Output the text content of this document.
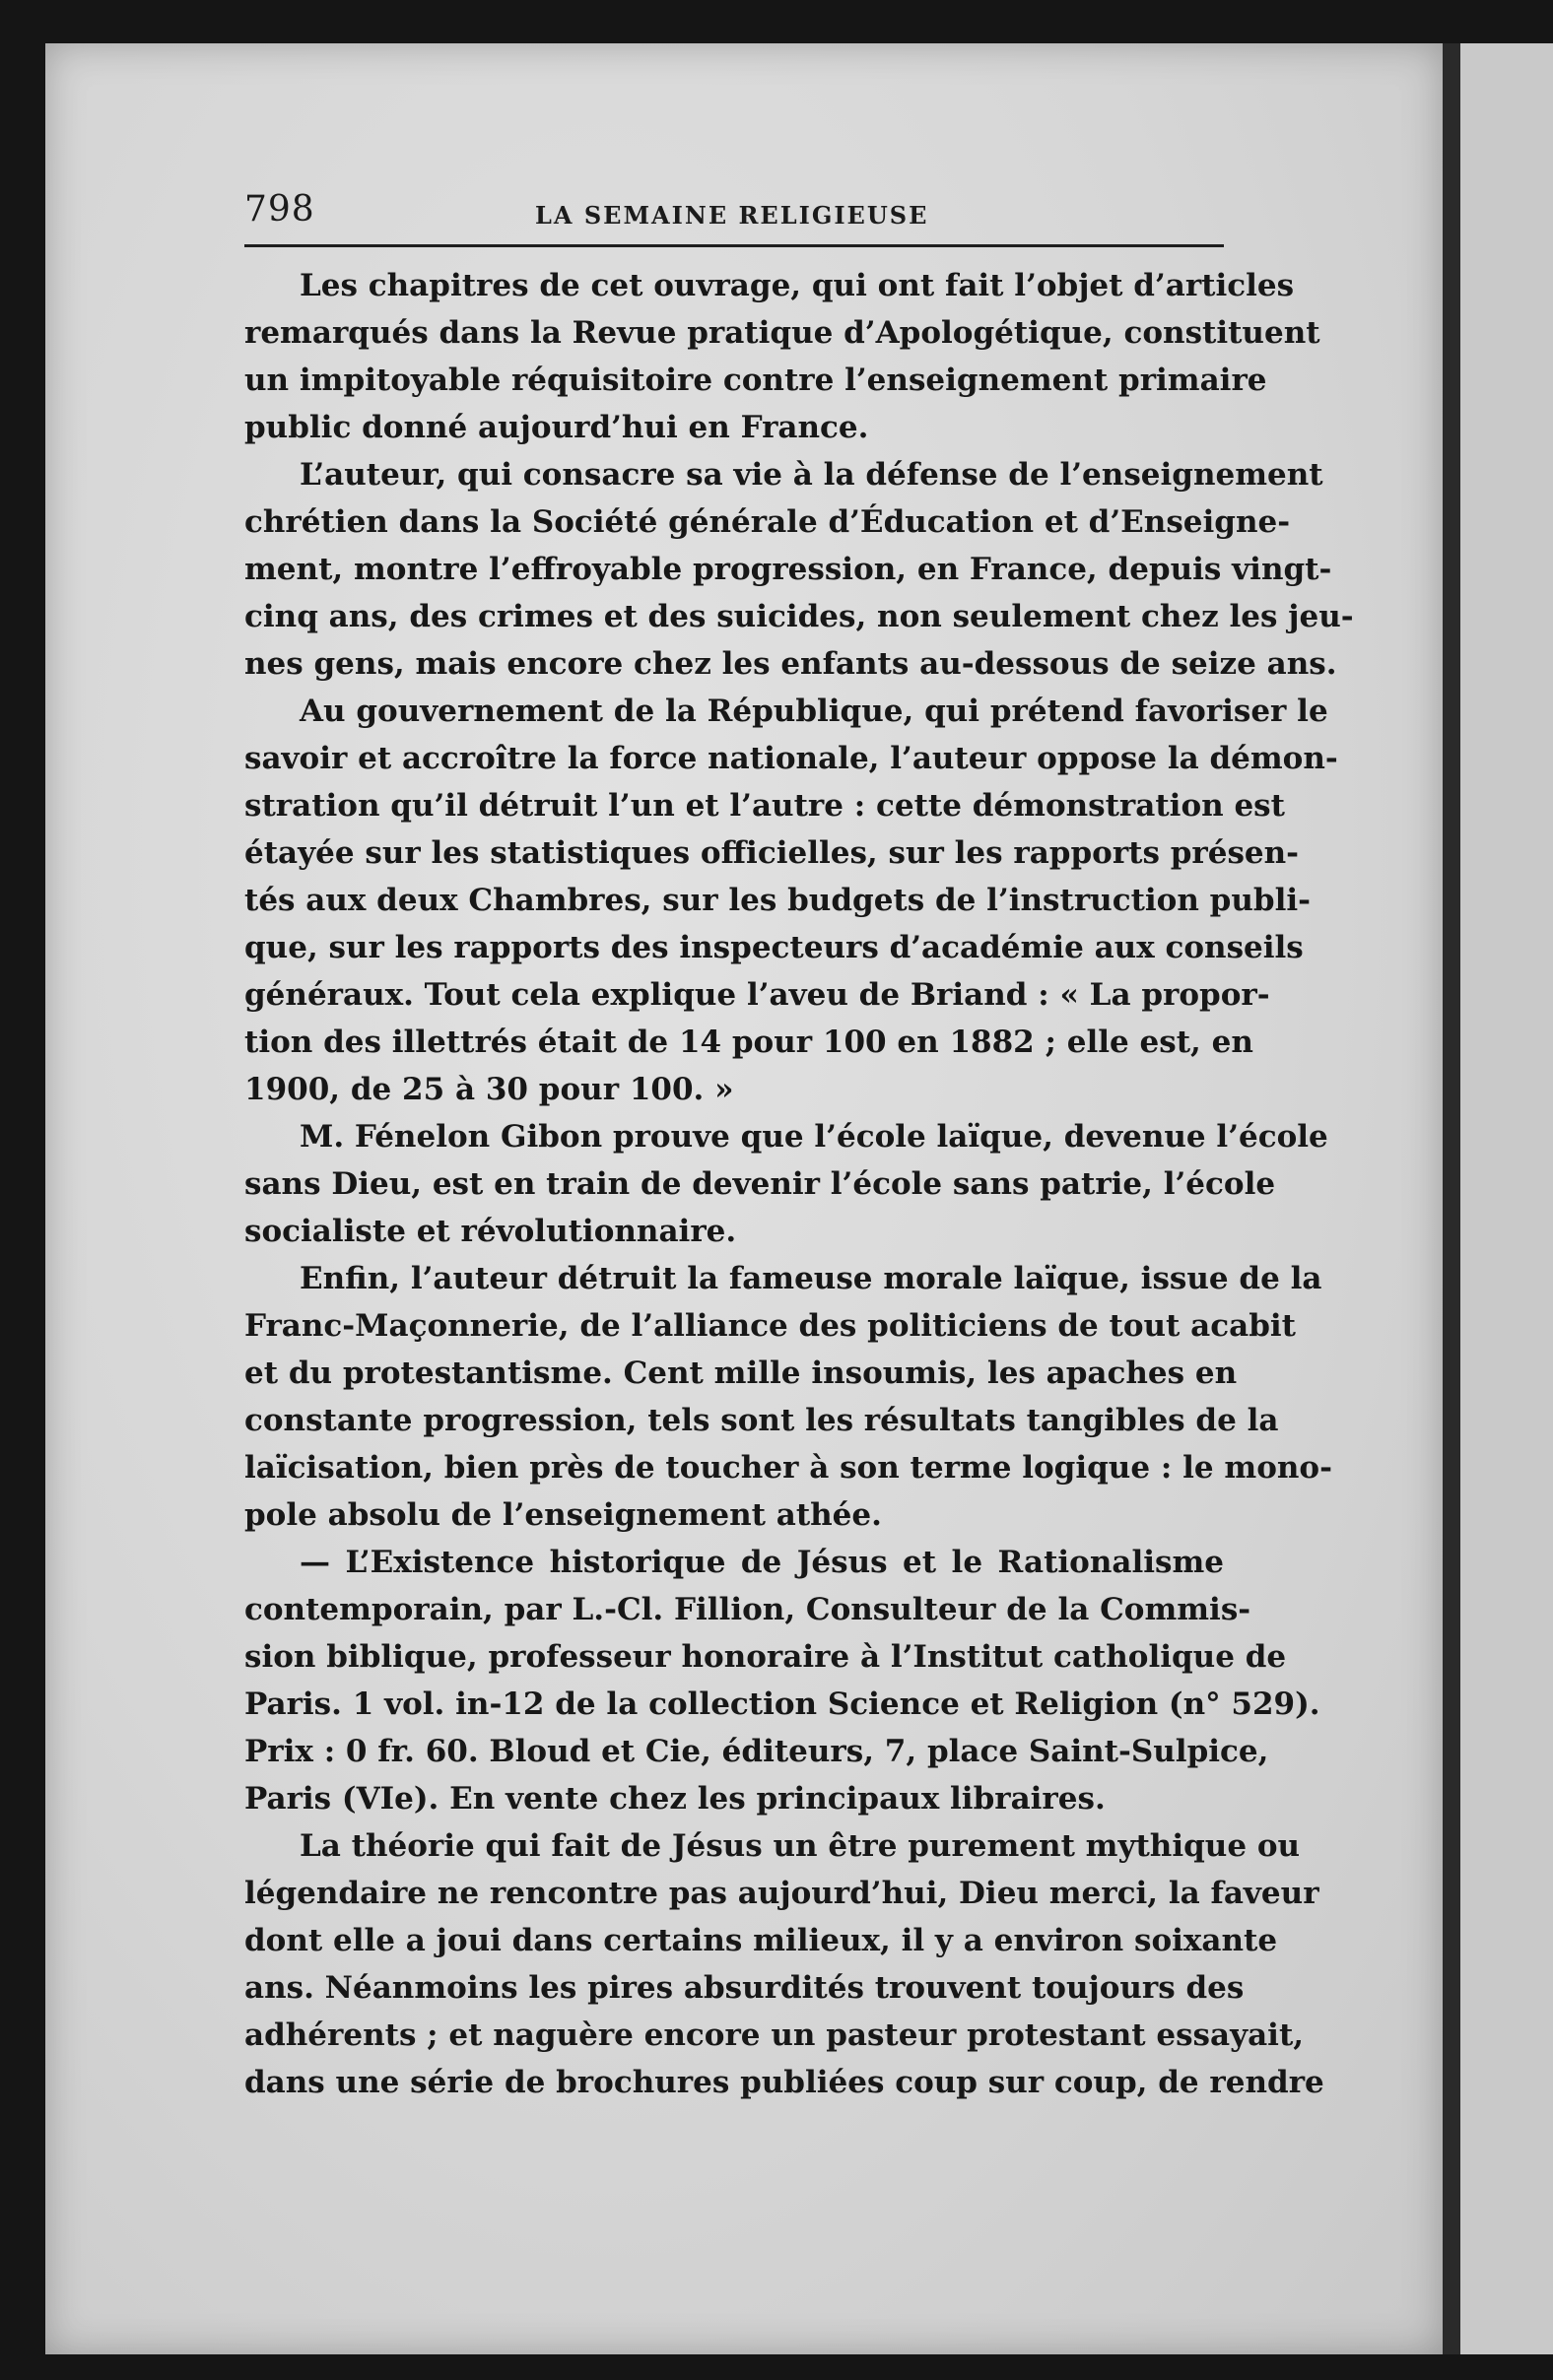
798	LA SEMAINE RELIGIEUSE
Les chapitres de cet ouvrage, qui ont fait l’objet d’articles
remarqués dans la Revue pratique d’Apologétique, constituent
un impitoyable réquisitoire contre l’enseignement primaire
public donné aujourd’hui en France.
L’auteur, qui consacre sa vie à la défense de l’enseignement
chrétien dans la Société générale d’Éducation et d’Enseigne-
ment, montre l’effroyable progression, en France, depuis vingt-
cinq ans, des crimes et des suicides, non seulement chez les jeu-
nes gens, mais encore chez les enfants au-dessous de seize ans.
Au gouvernement de la République, qui prétend favoriser le
savoir et accroître la force nationale, l’auteur oppose la démon-
stration qu’il détruit l’un et l’autre : cette démonstration est
étayée sur les statistiques officielles, sur les rapports présen-
tés aux deux Chambres, sur les budgets de l’instruction publi-
que, sur les rapports des inspecteurs d’académie aux conseils
généraux. Tout cela explique l’aveu de Briand : « La propor-
tion des illettrés était de 14 pour 100 en 1882 ; elle est, en
1900, de 25 à 30 pour 100. »
M. Fénelon Gibon prouve que l’école laïque, devenue l’école
sans Dieu, est en train de devenir l’école sans patrie, l’école
socialiste et révolutionnaire.
Enfin, l’auteur détruit la fameuse morale laïque, issue de la
Franc-Maçonnerie, de l’alliance des politiciens de tout acabit
et du protestantisme. Cent mille insoumis, les apaches en
constante progression, tels sont les résultats tangibles de la
laïcisation, bien près de toucher à son terme logique : le mono-
pole absolu de l’enseignement athée.
— L’Existence historique de Jésus et le Rationalisme
contemporain, par L.-Cl. Fillion, Consulteur de la Commis-
sion biblique, professeur honoraire à l’Institut catholique de
Paris. 1 vol. in-12 de la collection Science et Religion (n° 529).
Prix : 0 fr. 60. Bloud et Cie, éditeurs, 7, place Saint-Sulpice,
Paris (VIe). En vente chez les principaux libraires.
La théorie qui fait de Jésus un être purement mythique ou
légendaire ne rencontre pas aujourd’hui, Dieu merci, la faveur
dont elle a joui dans certains milieux, il y a environ soixante
ans. Néanmoins les pires absurdités trouvent toujours des
adhérents ; et naguère encore un pasteur protestant essayait,
dans une série de brochures publiées coup sur coup, de rendre
